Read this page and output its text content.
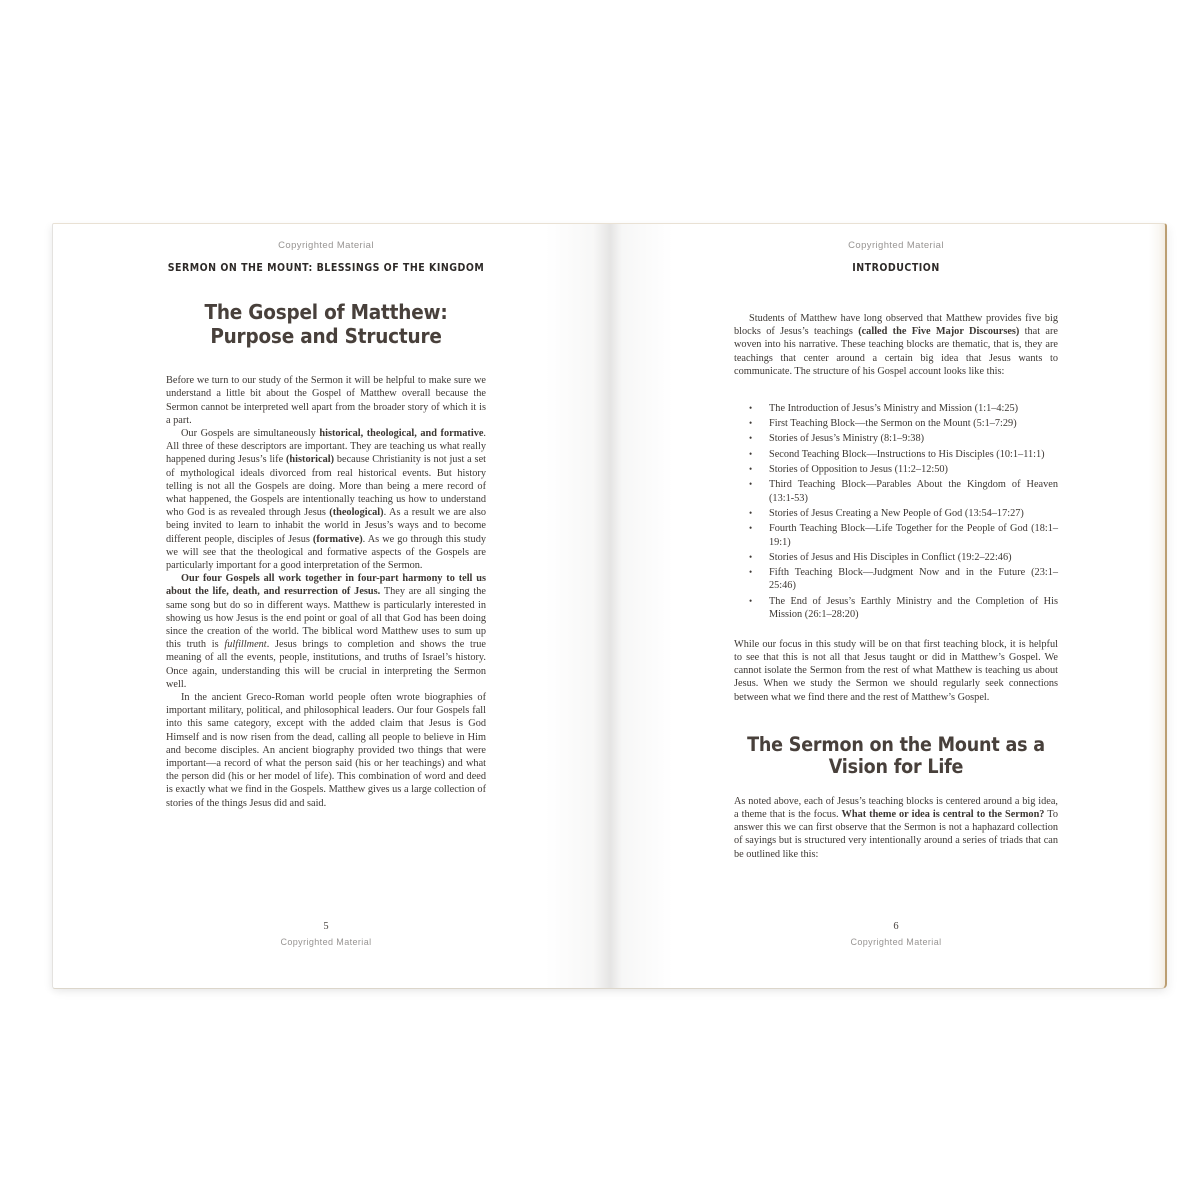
Copyrighted Material
SERMON ON THE MOUNT: BLESSINGS OF THE KINGDOM
The Gospel of Matthew: Purpose and Structure

Before we turn to our study of the Sermon it will be helpful to make sure we understand a little bit about the Gospel of Matthew overall because the Sermon cannot be interpreted well apart from the broader story of which it is a part.

Our Gospels are simultaneously historical, theological, and formative. All three of these descriptors are important. They are teaching us what really happened during Jesus’s life (historical) because Christianity is not just a set of mythological ideals divorced from real historical events. But history telling is not all the Gospels are doing. More than being a mere record of what happened, the Gospels are intentionally teaching us how to understand who God is as revealed through Jesus (theological). As a result we are also being invited to learn to inhabit the world in Jesus’s ways and to become different people, disciples of Jesus (formative). As we go through this study we will see that the theological and formative aspects of the Gospels are particularly important for a good interpretation of the Sermon.

Our four Gospels all work together in four-part harmony to tell us about the life, death, and resurrection of Jesus. They are all singing the same song but do so in different ways. Matthew is particularly interested in showing us how Jesus is the end point or goal of all that God has been doing since the creation of the world. The biblical word Matthew uses to sum up this truth is fulfillment. Jesus brings to completion and shows the true meaning of all the events, people, institutions, and truths of Israel’s history. Once again, understanding this will be crucial in interpreting the Sermon well.

In the ancient Greco-Roman world people often wrote biographies of important military, political, and philosophical leaders. Our four Gospels fall into this same category, except with the added claim that Jesus is God Himself and is now risen from the dead, calling all people to believe in Him and become disciples. An ancient biography provided two things that were important—a record of what the person said (his or her teachings) and what the person did (his or her model of life). This combination of word and deed is exactly what we find in the Gospels. Matthew gives us a large collection of stories of the things Jesus did and said.

5
Copyrighted Material
Copyrighted Material
INTRODUCTION

Students of Matthew have long observed that Matthew provides five big blocks of Jesus’s teachings (called the Five Major Discourses) that are woven into his narrative. These teaching blocks are thematic, that is, they are teachings that center around a certain big idea that Jesus wants to communicate. The structure of his Gospel account looks like this:

• The Introduction of Jesus’s Ministry and Mission (1:1–4:25)
• First Teaching Block—the Sermon on the Mount (5:1–7:29)
• Stories of Jesus’s Ministry (8:1–9:38)
• Second Teaching Block—Instructions to His Disciples (10:1–11:1)
• Stories of Opposition to Jesus (11:2–12:50)
• Third Teaching Block—Parables About the Kingdom of Heaven (13:1-53)
• Stories of Jesus Creating a New People of God (13:54–17:27)
• Fourth Teaching Block—Life Together for the People of God (18:1–19:1)
• Stories of Jesus and His Disciples in Conflict (19:2–22:46)
• Fifth Teaching Block—Judgment Now and in the Future (23:1–25:46)
• The End of Jesus’s Earthly Ministry and the Completion of His Mission (26:1–28:20)

While our focus in this study will be on that first teaching block, it is helpful to see that this is not all that Jesus taught or did in Matthew’s Gospel. We cannot isolate the Sermon from the rest of what Matthew is teaching us about Jesus. When we study the Sermon we should regularly seek connections between what we find there and the rest of Matthew’s Gospel.

The Sermon on the Mount as a Vision for Life

As noted above, each of Jesus’s teaching blocks is centered around a big idea, a theme that is the focus. What theme or idea is central to the Sermon? To answer this we can first observe that the Sermon is not a haphazard collection of sayings but is structured very intentionally around a series of triads that can be outlined like this:

6
Copyrighted Material
